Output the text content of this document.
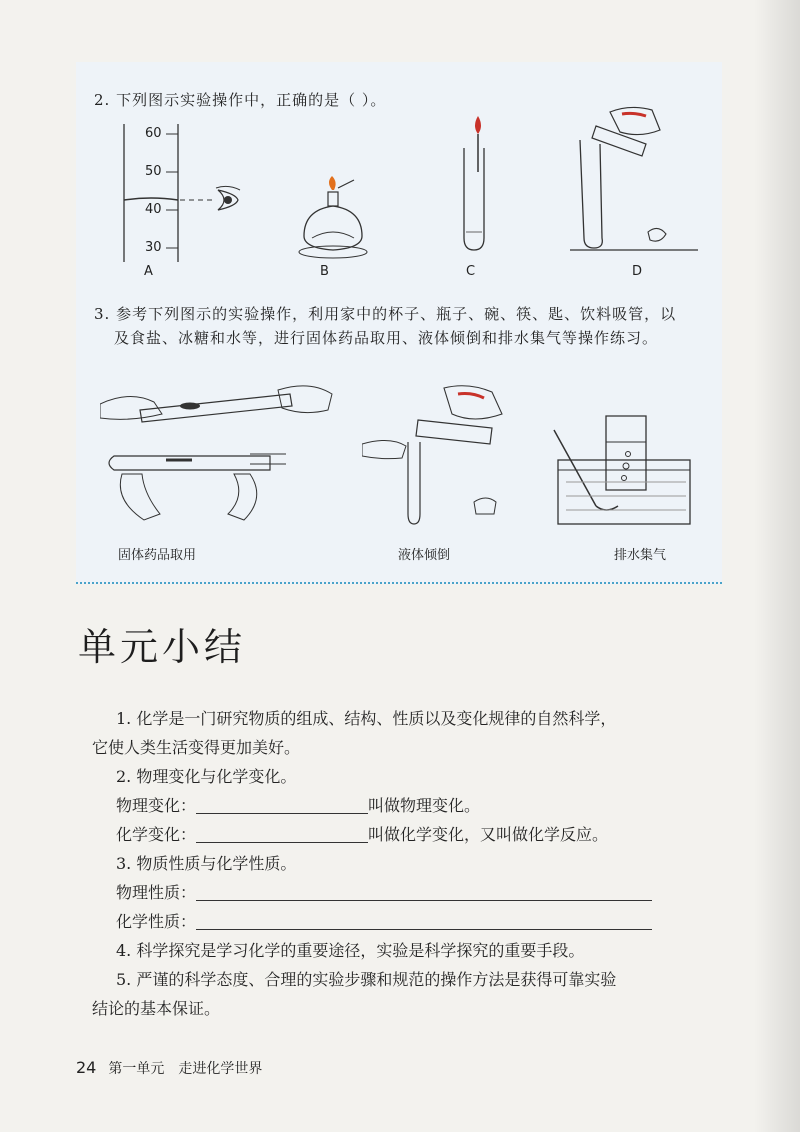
2. 下列图示实验操作中，正确的是（ ）。
60
50
40
30
A	B	C	D
3. 参考下列图示的实验操作，利用家中的杯子、瓶子、碗、筷、匙、饮料吸管，以
及食盐、冰糖和水等，进行固体药品取用、液体倾倒和排水集气等操作练习。
固体药品取用	液体倾倒	排水集气
单元小结
1. 化学是一门研究物质的组成、结构、性质以及变化规律的自然科学，
它使人类生活变得更加美好。
2. 物理变化与化学变化。
物理变化：	叫做物理变化。
化学变化：	叫做化学变化，又叫做化学反应。
3. 物质性质与化学性质。
物理性质：
化学性质：
4. 科学探究是学习化学的重要途径，实验是科学探究的重要手段。
5. 严谨的科学态度、合理的实验步骤和规范的操作方法是获得可靠实验
结论的基本保证。
24 第一单元 走进化学世界
